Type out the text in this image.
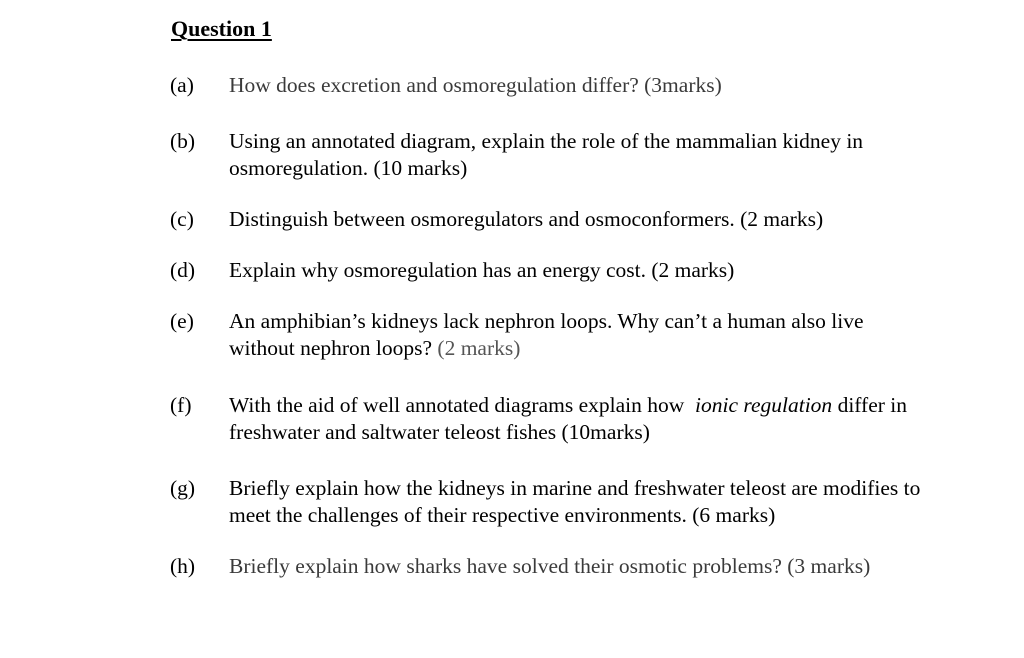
Question 1
(a) How does excretion and osmoregulation differ? (3marks)
(b) Using an annotated diagram, explain the role of the mammalian kidney in
osmoregulation. (10 marks)
(c) Distinguish between osmoregulators and osmoconformers. (2 marks)
(d) Explain why osmoregulation has an energy cost. (2 marks)
(e) An amphibian’s kidneys lack nephron loops. Why can’t a human also live
without nephron loops? (2 marks)
(f) With the aid of well annotated diagrams explain how ionic regulation differ in
freshwater and saltwater teleost fishes (10marks)
(g) Briefly explain how the kidneys in marine and freshwater teleost are modifies to
meet the challenges of their respective environments. (6 marks)
(h) Briefly explain how sharks have solved their osmotic problems? (3 marks)
